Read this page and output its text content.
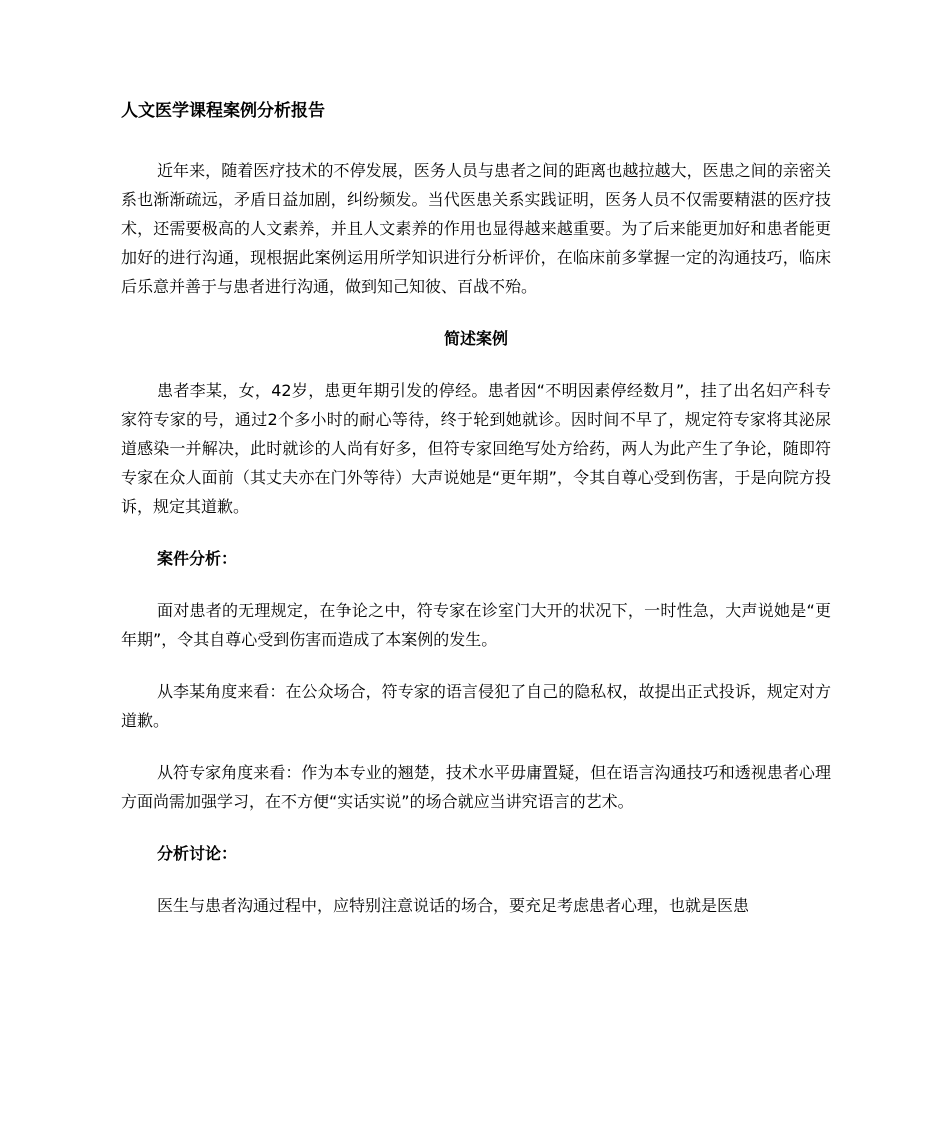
人文医学课程案例分析报告

近年来，随着医疗技术的不停发展，医务人员与患者之间的距离也越拉越大，医患之间的亲密关系也渐渐疏远，矛盾日益加剧，纠纷频发。当代医患关系实践证明，医务人员不仅需要精湛的医疗技术，还需要极高的人文素养，并且人文素养的作用也显得越来越重要。为了后来能更加好和患者能更加好的进行沟通，现根据此案例运用所学知识进行分析评价，在临床前多掌握一定的沟通技巧，临床后乐意并善于与患者进行沟通，做到知己知彼、百战不殆。

简述案例

患者李某，女，42岁，患更年期引发的停经。患者因“不明因素停经数月”，挂了出名妇产科专家符专家的号，通过2个多小时的耐心等待，终于轮到她就诊。因时间不早了，规定符专家将其泌尿道感染一并解决，此时就诊的人尚有好多，但符专家回绝写处方给药，两人为此产生了争论，随即符专家在众人面前（其丈夫亦在门外等待）大声说她是“更年期”，令其自尊心受到伤害，于是向院方投诉，规定其道歉。

案件分析：

面对患者的无理规定，在争论之中，符专家在诊室门大开的状况下，一时性急，大声说她是“更年期”，令其自尊心受到伤害而造成了本案例的发生。

从李某角度来看：在公众场合，符专家的语言侵犯了自己的隐私权，故提出正式投诉，规定对方道歉。

从符专家角度来看：作为本专业的翘楚，技术水平毋庸置疑，但在语言沟通技巧和透视患者心理方面尚需加强学习，在不方便“实话实说”的场合就应当讲究语言的艺术。

分析讨论：

医生与患者沟通过程中，应特别注意说话的场合，要充足考虑患者心理，也就是医患
